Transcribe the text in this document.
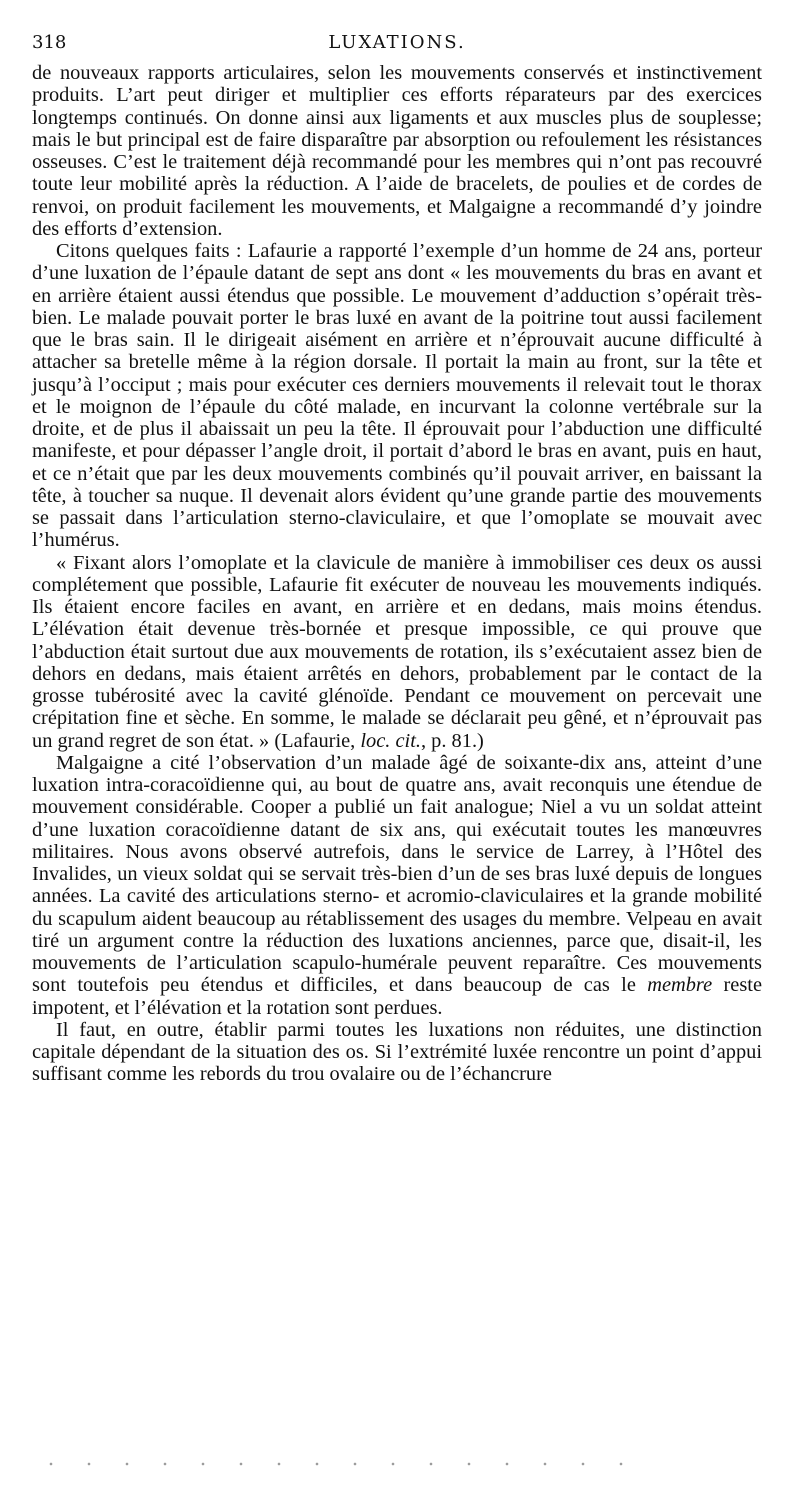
318	LUXATIONS.

de nouveaux rapports articulaires, selon les mouvements conservés et instinctivement produits. L’art peut diriger et multiplier ces efforts réparateurs par des exercices longtemps continués. On donne ainsi aux ligaments et aux muscles plus de souplesse; mais le but principal est de faire disparaître par absorption ou refoulement les résistances osseuses. C’est le traitement déjà recommandé pour les membres qui n’ont pas recouvré toute leur mobilité après la réduction. A l’aide de bracelets, de poulies et de cordes de renvoi, on produit facilement les mouvements, et Malgaigne a recommandé d’y joindre des efforts d’extension.

Citons quelques faits : Lafaurie a rapporté l’exemple d’un homme de 24 ans, porteur d’une luxation de l’épaule datant de sept ans dont « les mouvements du bras en avant et en arrière étaient aussi étendus que possible. Le mouvement d’adduction s’opérait très-bien. Le malade pouvait porter le bras luxé en avant de la poitrine tout aussi facilement que le bras sain. Il le dirigeait aisément en arrière et n’éprouvait aucune difficulté à attacher sa bretelle même à la région dorsale. Il portait la main au front, sur la tête et jusqu’à l’occiput ; mais pour exécuter ces derniers mouvements il relevait tout le thorax et le moignon de l’épaule du côté malade, en incurvant la colonne vertébrale sur la droite, et de plus il abaissait un peu la tête. Il éprouvait pour l’abduction une difficulté manifeste, et pour dépasser l’angle droit, il portait d’abord le bras en avant, puis en haut, et ce n’était que par les deux mouvements combinés qu’il pouvait arriver, en baissant la tête, à toucher sa nuque. Il devenait alors évident qu’une grande partie des mouvements se passait dans l’articulation sterno-claviculaire, et que l’omoplate se mouvait avec l’humérus.

« Fixant alors l’omoplate et la clavicule de manière à immobiliser ces deux os aussi complétement que possible, Lafaurie fit exécuter de nouveau les mouvements indiqués. Ils étaient encore faciles en avant, en arrière et en dedans, mais moins étendus. L’élévation était devenue très-bornée et presque impossible, ce qui prouve que l’abduction était surtout due aux mouvements de rotation, ils s’exécutaient assez bien de dehors en dedans, mais étaient arrêtés en dehors, probablement par le contact de la grosse tubérosité avec la cavité glénoïde. Pendant ce mouvement on percevait une crépitation fine et sèche. En somme, le malade se déclarait peu gêné, et n’éprouvait pas un grand regret de son état. » (Lafaurie, loc. cit., p. 81.)

Malgaigne a cité l’observation d’un malade âgé de soixante-dix ans, atteint d’une luxation intra-coracoïdienne qui, au bout de quatre ans, avait reconquis une étendue de mouvement considérable. Cooper a publié un fait analogue; Niel a vu un soldat atteint d’une luxation coracoïdienne datant de six ans, qui exécutait toutes les manœuvres militaires. Nous avons observé autrefois, dans le service de Larrey, à l’Hôtel des Invalides, un vieux soldat qui se servait très-bien d’un de ses bras luxé depuis de longues années. La cavité des articulations sterno- et acromio-claviculaires et la grande mobilité du scapulum aident beaucoup au rétablissement des usages du membre. Velpeau en avait tiré un argument contre la réduction des luxations anciennes, parce que, disait-il, les mouvements de l’articulation scapulo-humérale peuvent reparaître. Ces mouvements sont toutefois peu étendus et difficiles, et dans beaucoup de cas le membre reste impotent, et l’élévation et la rotation sont perdues.

Il faut, en outre, établir parmi toutes les luxations non réduites, une distinction capitale dépendant de la situation des os. Si l’extrémité luxée rencontre un point d’appui suffisant comme les rebords du trou ovalaire ou de l’échancrure
